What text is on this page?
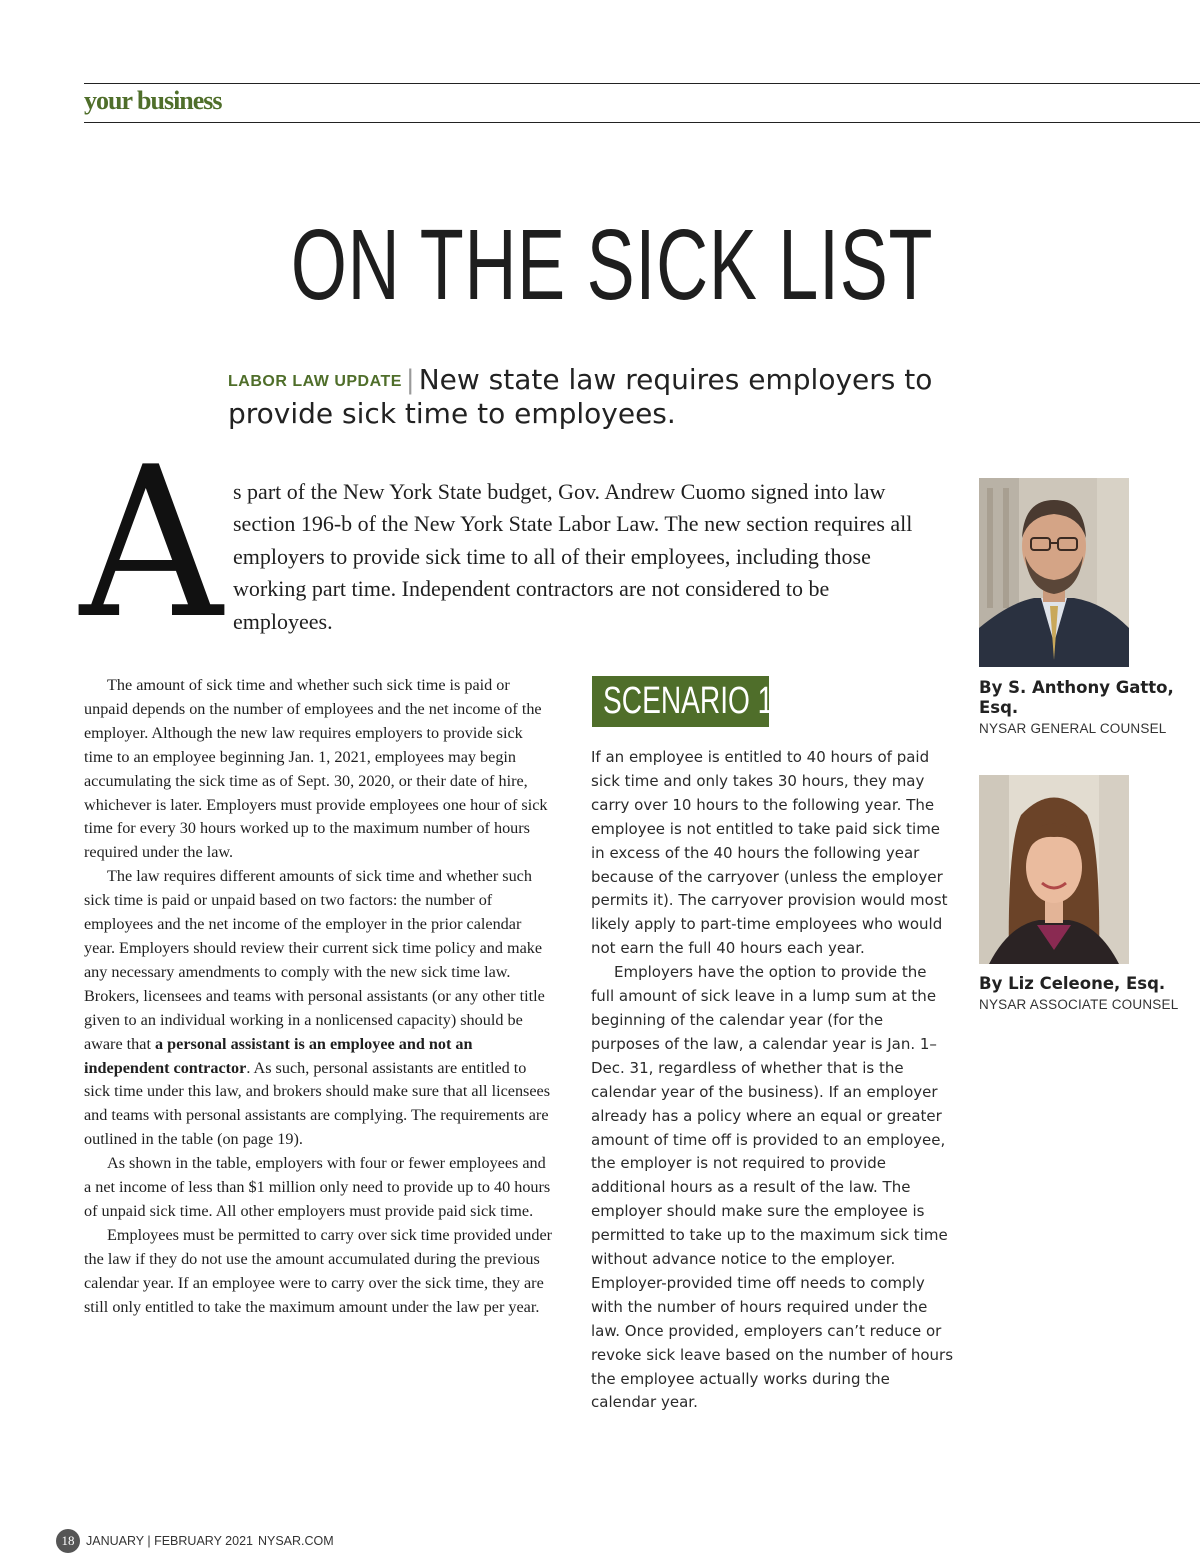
your business
ON THE SICK LIST
LABOR LAW UPDATE | New state law requires employers to provide sick time to employees.
A s part of the New York State budget, Gov. Andrew Cuomo signed into law section 196-b of the New York State Labor Law. The new section requires all employers to provide sick time to all of their employees, including those working part time. Independent contractors are not considered to be employees.

By S. Anthony Gatto, Esq.
NYSAR GENERAL COUNSEL
By Liz Celeone, Esq.
NYSAR ASSOCIATE COUNSEL

The amount of sick time and whether such sick time is paid or unpaid depends on the number of employees and the net income of the employer. Although the new law requires employers to provide sick time to an employee beginning Jan. 1, 2021, employees may begin accumulating the sick time as of Sept. 30, 2020, or their date of hire, whichever is later. Employers must provide employees one hour of sick time for every 30 hours worked up to the maximum number of hours required under the law.

The law requires different amounts of sick time and whether such sick time is paid or unpaid based on two factors: the number of employees and the net income of the employer in the prior calendar year. Employers should review their current sick time policy and make any necessary amendments to comply with the new sick time law. Brokers, licensees and teams with personal assistants (or any other title given to an individual working in a nonlicensed capacity) should be aware that a personal assistant is an employee and not an independent contractor. As such, personal assistants are entitled to sick time under this law, and brokers should make sure that all licensees and teams with personal assistants are complying. The requirements are outlined in the table (on page 19).

As shown in the table, employers with four or fewer employees and a net income of less than $1 million only need to provide up to 40 hours of unpaid sick time. All other employers must provide paid sick time.

Employees must be permitted to carry over sick time provided under the law if they do not use the amount accumulated during the previous calendar year. If an employee were to carry over the sick time, they are still only entitled to take the maximum amount under the law per year.

SCENARIO 1

If an employee is entitled to 40 hours of paid sick time and only takes 30 hours, they may carry over 10 hours to the following year. The employee is not entitled to take paid sick time in excess of the 40 hours the following year because of the carryover (unless the employer permits it). The carryover provision would most likely apply to part-time employees who would not earn the full 40 hours each year.

Employers have the option to provide the full amount of sick leave in a lump sum at the beginning of the calendar year (for the purposes of the law, a calendar year is Jan. 1–Dec. 31, regardless of whether that is the calendar year of the business). If an employer already has a policy where an equal or greater amount of time off is provided to an employee, the employer is not required to provide additional hours as a result of the law. The employer should make sure the employee is permitted to take up to the maximum sick time without advance notice to the employer. Employer-provided time off needs to comply with the number of hours required under the law. Once provided, employers can’t reduce or revoke sick leave based on the number of hours the employee actually works during the calendar year.

18 JANUARY | FEBRUARY 2021 NYSAR.COM
